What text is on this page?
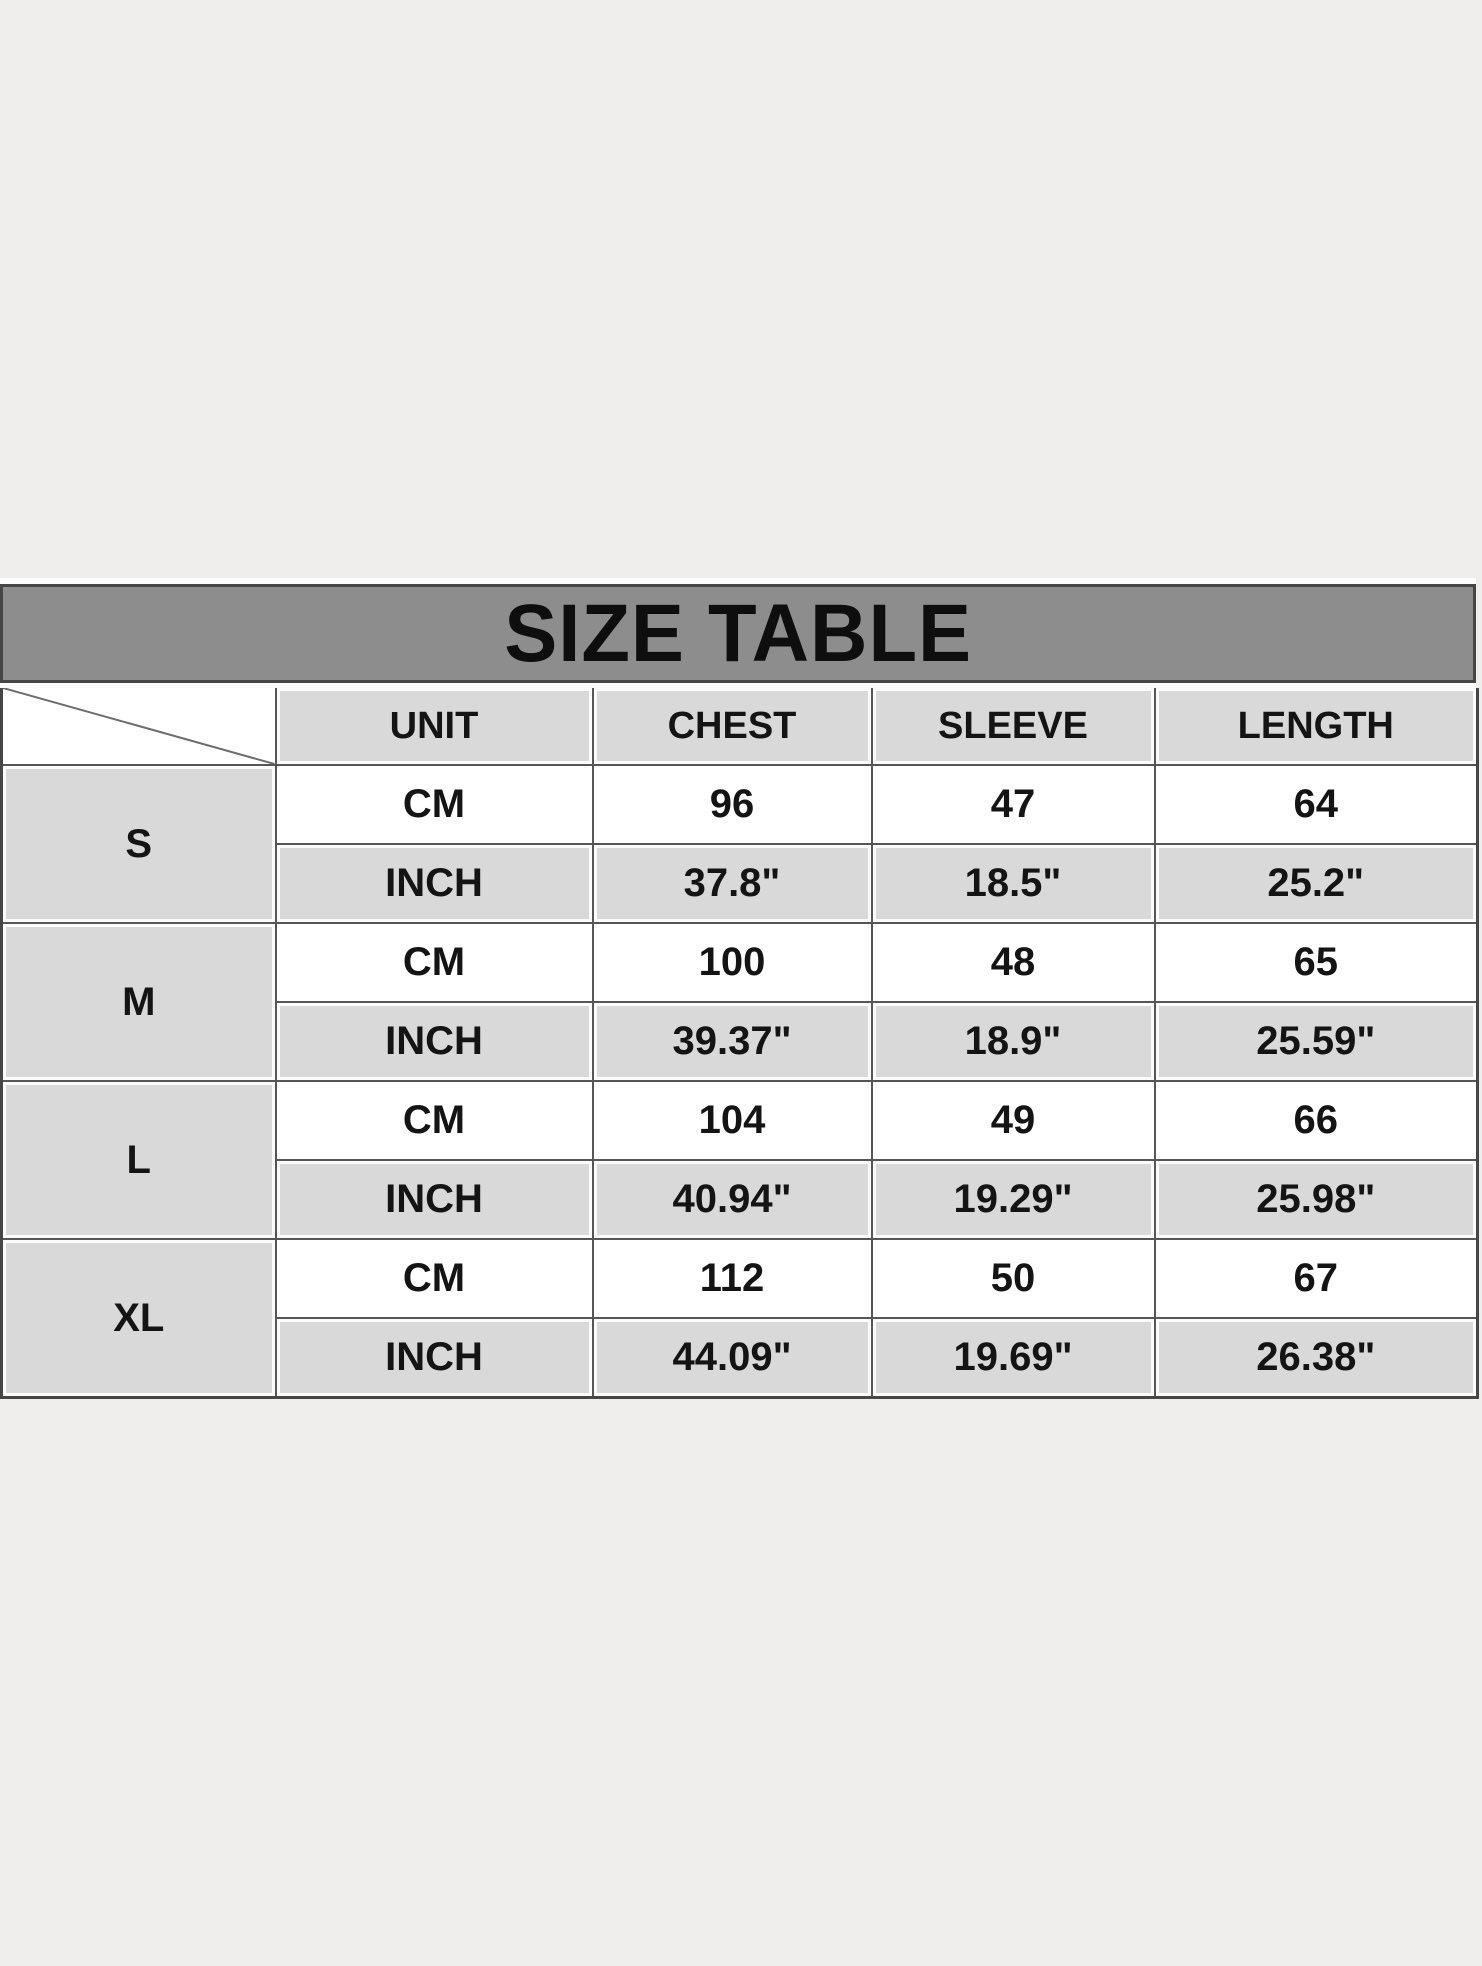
SIZE TABLE
	UNIT	CHEST	SLEEVE	LENGTH
S	CM	96	47	64
	INCH	37.8"	18.5"	25.2"
M	CM	100	48	65
	INCH	39.37"	18.9"	25.59"
L	CM	104	49	66
	INCH	40.94"	19.29"	25.98"
XL	CM	112	50	67
	INCH	44.09"	19.69"	26.38"
